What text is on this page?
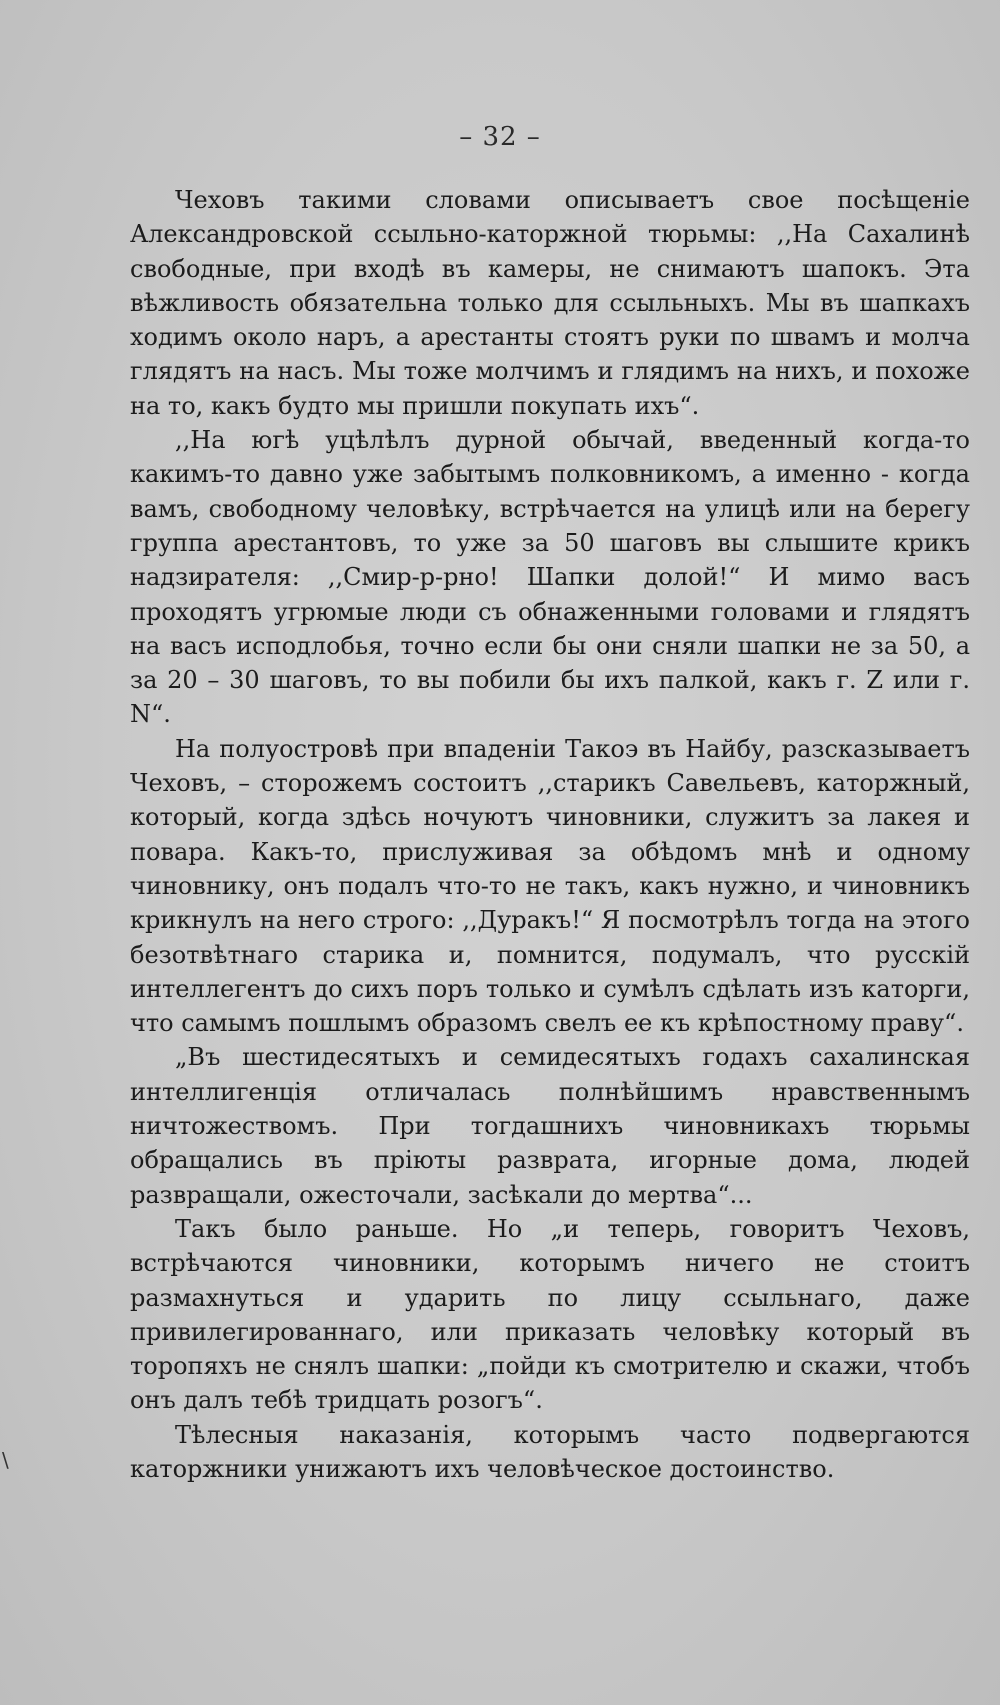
– 32 –

Чеховъ такими словами описываетъ свое посѣщеніе Александровской ссыльно-каторжной тюрьмы: ,,На Сахалинѣ свободные, при входѣ въ камеры, не снимаютъ шапокъ. Эта вѣжливость обязательна только для ссыльныхъ. Мы въ шапкахъ ходимъ около наръ, а арестанты стоятъ руки по швамъ и молча глядятъ на насъ. Мы тоже молчимъ и глядимъ на нихъ, и похоже на то, какъ будто мы пришли покупать ихъ“.

,,На югѣ уцѣлѣлъ дурной обычай, введенный когда-то какимъ-то давно уже забытымъ полковникомъ, а именно - когда вамъ, свободному человѣку, встрѣчается на улицѣ или на берегу группа арестантовъ, то уже за 50 шаговъ вы слышите крикъ надзирателя: ,,Смир-р-рно! Шапки долой!“ И мимо васъ проходятъ угрюмые люди съ обнаженными головами и глядятъ на васъ исподлобья, точно если бы они сняли шапки не за 50, а за 20 – 30 шаговъ, то вы побили бы ихъ палкой, какъ г. Z или г. N“.

На полуостровѣ при впаденіи Такоэ въ Найбу, разсказываетъ Чеховъ, – сторожемъ состоитъ ,,старикъ Савельевъ, каторжный, который, когда здѣсь ночуютъ чиновники, служитъ за лакея и повара. Какъ-то, прислуживая за обѣдомъ мнѣ и одному чиновнику, онъ подалъ что-то не такъ, какъ нужно, и чиновникъ крикнулъ на него строго: ,,Дуракъ!“ Я посмотрѣлъ тогда на этого безотвѣтнаго старика и, помнится, подумалъ, что русскій интеллегентъ до сихъ поръ только и сумѣлъ сдѣлать изъ каторги, что самымъ пошлымъ образомъ свелъ ее къ крѣпостному праву“.

„Въ шестидесятыхъ и семидесятыхъ годахъ сахалинская интеллигенція отличалась полнѣйшимъ нравственнымъ ничтожествомъ. При тогдашнихъ чиновникахъ тюрьмы обращались въ пріюты разврата, игорные дома, людей развращали, ожесточали, засѣкали до мертва“...

Такъ было раньше. Но „и теперь, говоритъ Чеховъ, встрѣчаются чиновники, которымъ ничего не стоитъ размахнуться и ударить по лицу ссыльнаго, даже привилегированнаго, или приказать человѣку который въ торопяхъ не снялъ шапки: „пойди къ смотрителю и скажи, чтобъ онъ далъ тебѣ тридцать розогъ“.

Тѣлесныя наказанія, которымъ часто подвергаются каторжники унижаютъ ихъ человѣческое достоинство.

\
